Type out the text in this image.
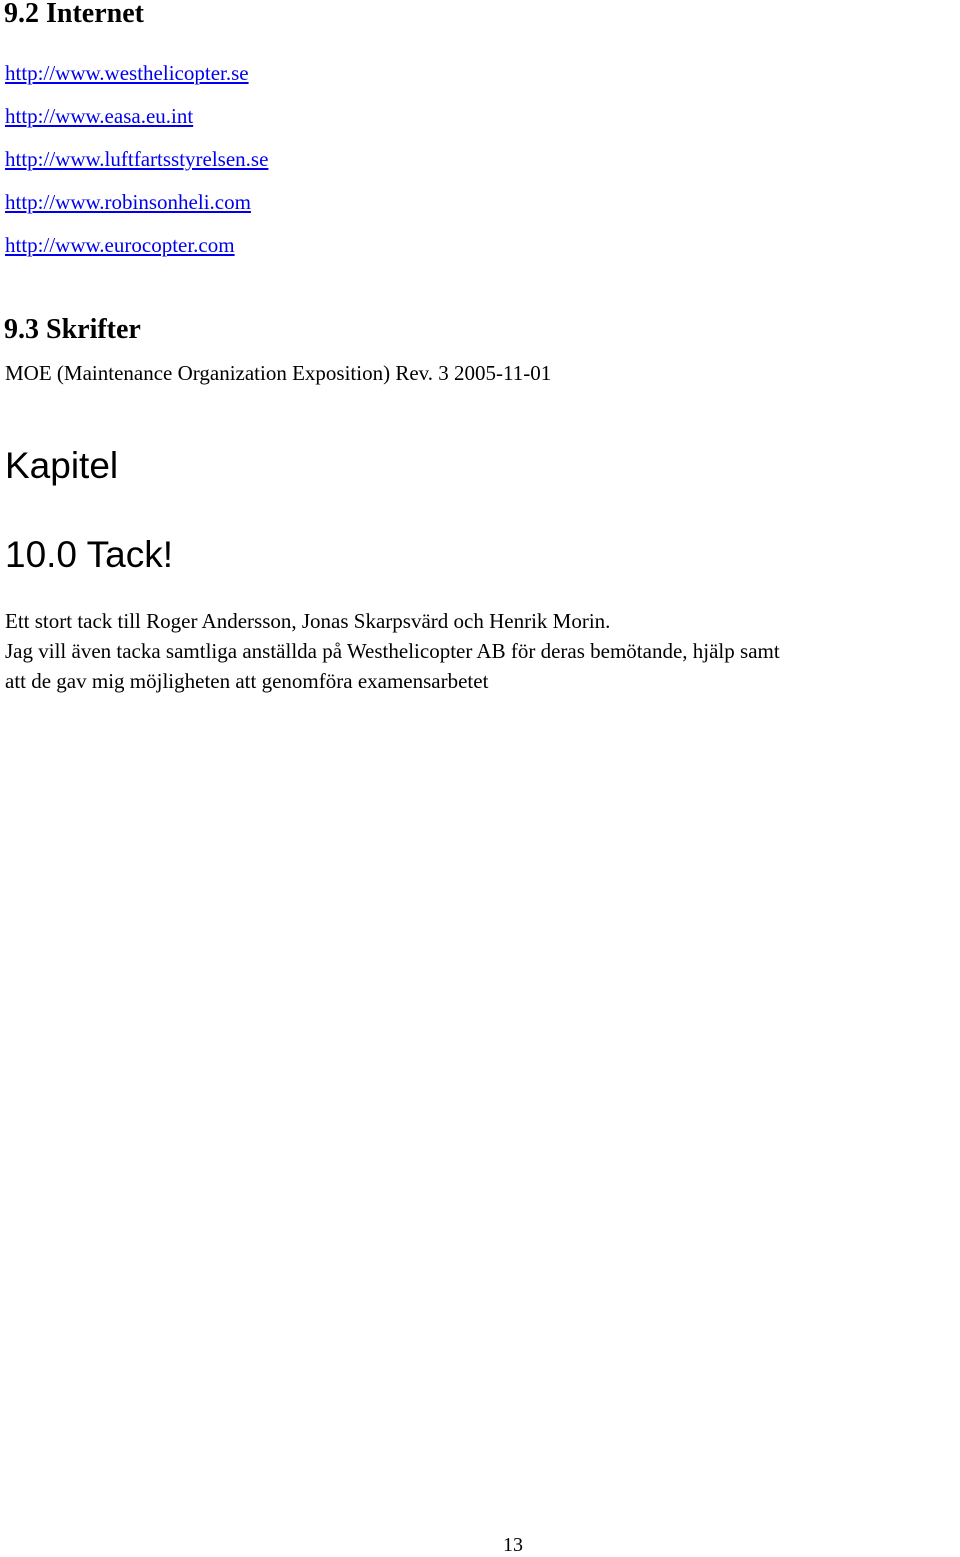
9.2 Internet
http://www.westhelicopter.se
http://www.easa.eu.int
http://www.luftfartsstyrelsen.se
http://www.robinsonheli.com
http://www.eurocopter.com
9.3 Skrifter
MOE (Maintenance Organization Exposition) Rev. 3 2005-11-01
Kapitel
10.0 Tack!
Ett stort tack till Roger Andersson, Jonas Skarpsvärd och Henrik Morin.
Jag vill även tacka samtliga anställda på Westhelicopter AB för deras bemötande, hjälp samt
att de gav mig möjligheten att genomföra examensarbetet
13
